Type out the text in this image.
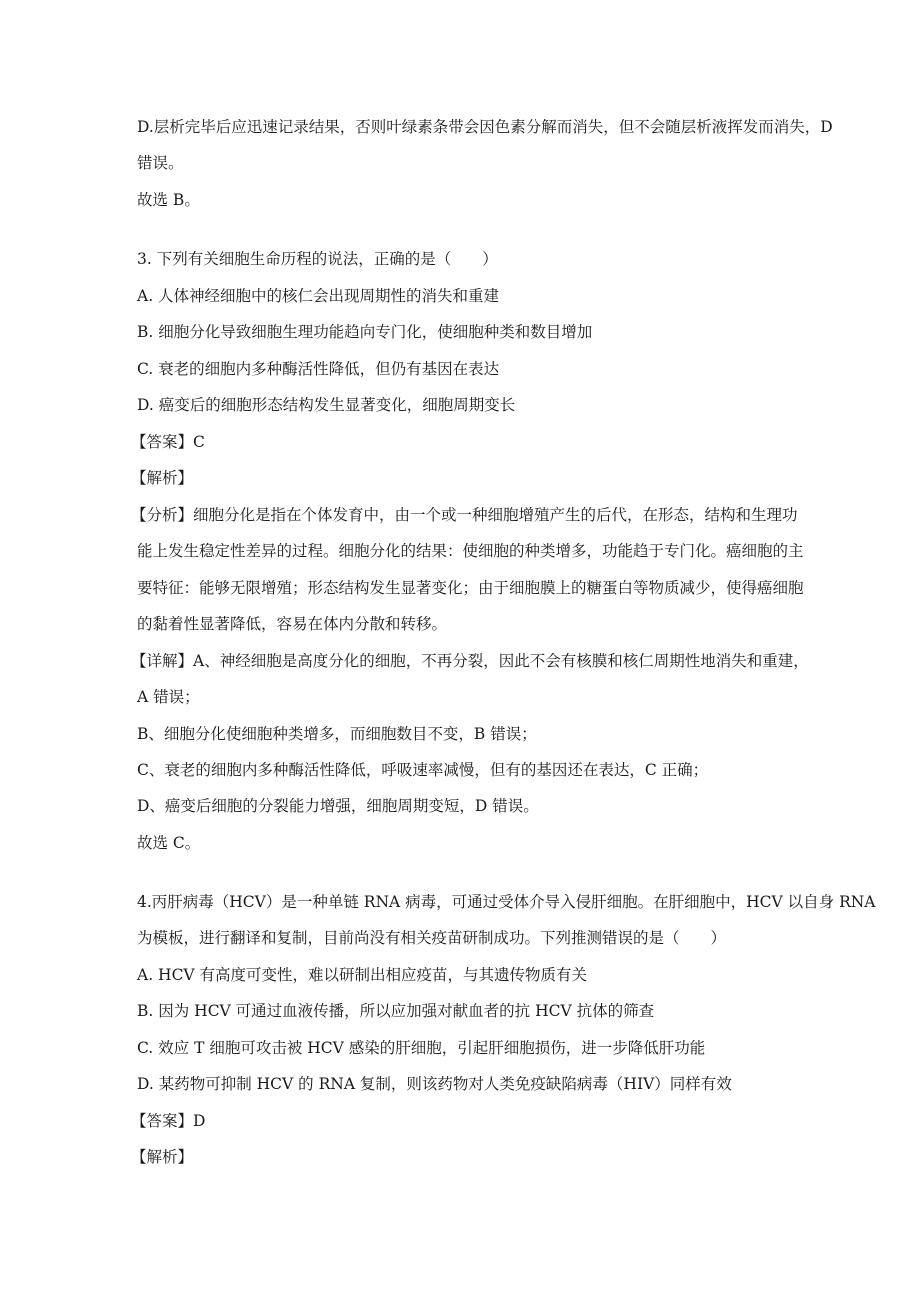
D.层析完毕后应迅速记录结果，否则叶绿素条带会因色素分解而消失，但不会随层析液挥发而消失，D
错误。
故选 B。
3. 下列有关细胞生命历程的说法，正确的是（　　）
A. 人体神经细胞中的核仁会出现周期性的消失和重建
B. 细胞分化导致细胞生理功能趋向专门化，使细胞种类和数目增加
C. 衰老的细胞内多种酶活性降低，但仍有基因在表达
D. 癌变后的细胞形态结构发生显著变化，细胞周期变长
【答案】C
【解析】
【分析】细胞分化是指在个体发育中，由一个或一种细胞增殖产生的后代，在形态，结构和生理功
能上发生稳定性差异的过程。细胞分化的结果：使细胞的种类增多，功能趋于专门化。癌细胞的主
要特征：能够无限增殖；形态结构发生显著变化；由于细胞膜上的糖蛋白等物质减少，使得癌细胞
的黏着性显著降低，容易在体内分散和转移。
【详解】A、神经细胞是高度分化的细胞，不再分裂，因此不会有核膜和核仁周期性地消失和重建，
A 错误；
B、细胞分化使细胞种类增多，而细胞数目不变，B 错误；
C、衰老的细胞内多种酶活性降低，呼吸速率减慢，但有的基因还在表达，C 正确；
D、癌变后细胞的分裂能力增强，细胞周期变短，D 错误。
故选 C。
4.丙肝病毒（HCV）是一种单链 RNA 病毒，可通过受体介导入侵肝细胞。在肝细胞中，HCV 以自身 RNA
为模板，进行翻译和复制，目前尚没有相关疫苗研制成功。下列推测错误的是（　　）
A. HCV 有高度可变性，难以研制出相应疫苗，与其遗传物质有关
B. 因为 HCV 可通过血液传播，所以应加强对献血者的抗 HCV 抗体的筛查
C. 效应 T 细胞可攻击被 HCV 感染的肝细胞，引起肝细胞损伤，进一步降低肝功能
D. 某药物可抑制 HCV 的 RNA 复制，则该药物对人类免疫缺陷病毒（HIV）同样有效
【答案】D
【解析】
